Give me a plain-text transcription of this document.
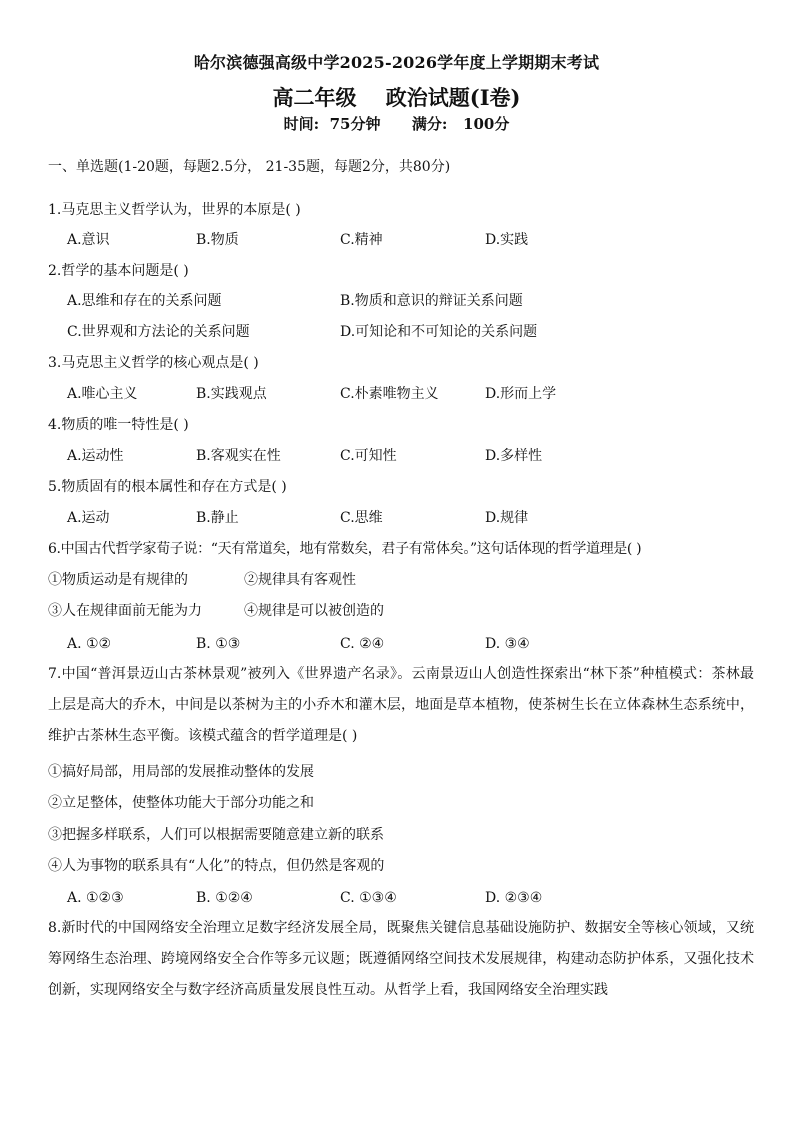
哈尔滨德强高级中学2025-2026学年度上学期期末考试
高二年级    政治试题(Ⅰ卷)
时间:  75分钟      满分:   100分
一、单选题(1-20题，每题2.5分， 21-35题，每题2分，共80分)
1.马克思主义哲学认为，世界的本原是( )
A.意识	B.物质	C.精神	D.实践
2.哲学的基本问题是( )
A.思维和存在的关系问题	B.物质和意识的辩证关系问题
C.世界观和方法论的关系问题	D.可知论和不可知论的关系问题
3.马克思主义哲学的核心观点是( )
A.唯心主义	B.实践观点	C.朴素唯物主义	D.形而上学
4.物质的唯一特性是( )
A.运动性	B.客观实在性	C.可知性	D.多样性
5.物质固有的根本属性和存在方式是( )
A.运动	B.静止	C.思维	D.规律
6.中国古代哲学家荀子说：“天有常道矣，地有常数矣，君子有常体矣。”这句话体现的哲学道理是( )
①物质运动是有规律的	②规律具有客观性
③人在规律面前无能为力	④规律是可以被创造的
A. ①②	B. ①③	C. ②④	D. ③④
7.中国“普洱景迈山古茶林景观”被列入《世界遗产名录》。云南景迈山人创造性探索出“林下茶”种植模式：茶林最上层是高大的乔木，中间是以茶树为主的小乔木和灌木层，地面是草本植物，使茶树生长在立体森林生态系统中，维护古茶林生态平衡。该模式蕴含的哲学道理是( )
①搞好局部，用局部的发展推动整体的发展
②立足整体，使整体功能大于部分功能之和
③把握多样联系，人们可以根据需要随意建立新的联系
④人为事物的联系具有“人化”的特点，但仍然是客观的
A. ①②③	B. ①②④	C. ①③④	D. ②③④
8.新时代的中国网络安全治理立足数字经济发展全局，既聚焦关键信息基础设施防护、数据安全等核心领域，又统筹网络生态治理、跨境网络安全合作等多元议题；既遵循网络空间技术发展规律，构建动态防护体系，又强化技术创新，实现网络安全与数字经济高质量发展良性互动。从哲学上看，我国网络安全治理实践
